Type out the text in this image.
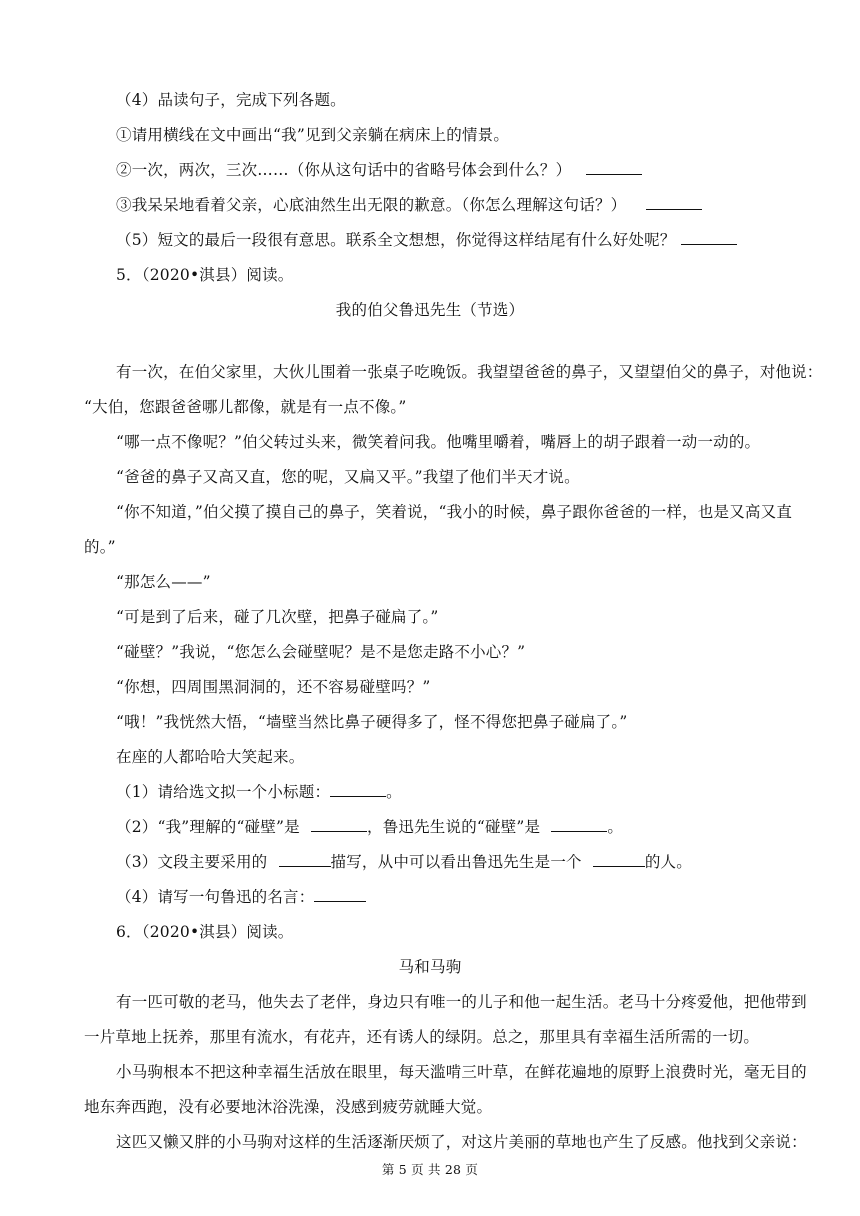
（4）品读句子，完成下列各题。
①请用横线在文中画出“我”见到父亲躺在病床上的情景。
②一次，两次，三次……（你从这句话中的省略号体会到什么？）
③我呆呆地看着父亲，心底油然生出无限的歉意。（你怎么理解这句话？）
（5）短文的最后一段很有意思。联系全文想想，你觉得这样结尾有什么好处呢？
5．（2020•淇县）阅读。
我的伯父鲁迅先生（节选）
有一次，在伯父家里，大伙儿围着一张桌子吃晚饭。我望望爸爸的鼻子，又望望伯父的鼻子，对他说：
“大伯，您跟爸爸哪儿都像，就是有一点不像。”
“哪一点不像呢？”伯父转过头来，微笑着问我。他嘴里嚼着，嘴唇上的胡子跟着一动一动的。
“爸爸的鼻子又高又直，您的呢，又扁又平。”我望了他们半天才说。
“你不知道，”伯父摸了摸自己的鼻子，笑着说，“我小的时候，鼻子跟你爸爸的一样，也是又高又直
的。”
“那怎么——”
“可是到了后来，碰了几次壁，把鼻子碰扁了。”
“碰壁？”我说，“您怎么会碰壁呢？是不是您走路不小心？”
“你想，四周围黑洞洞的，还不容易碰壁吗？”
“哦！”我恍然大悟，“墙壁当然比鼻子硬得多了，怪不得您把鼻子碰扁了。”
在座的人都哈哈大笑起来。
（1）请给选文拟一个小标题：	。
（2）“我”理解的“碰壁”是	，鲁迅先生说的“碰壁”是	。
（3）文段主要采用的	描写，从中可以看出鲁迅先生是一个	的人。
（4）请写一句鲁迅的名言：
6．（2020•淇县）阅读。
马和马驹
有一匹可敬的老马，他失去了老伴，身边只有唯一的儿子和他一起生活。老马十分疼爱他，把他带到
一片草地上抚养，那里有流水，有花卉，还有诱人的绿阴。总之，那里具有幸福生活所需的一切。
小马驹根本不把这种幸福生活放在眼里，每天滥啃三叶草，在鲜花遍地的原野上浪费时光，毫无目的
地东奔西跑，没有必要地沐浴洗澡，没感到疲劳就睡大觉。
这匹又懒又胖的小马驹对这样的生活逐渐厌烦了，对这片美丽的草地也产生了反感。他找到父亲说：
第 5 页 共 28 页
